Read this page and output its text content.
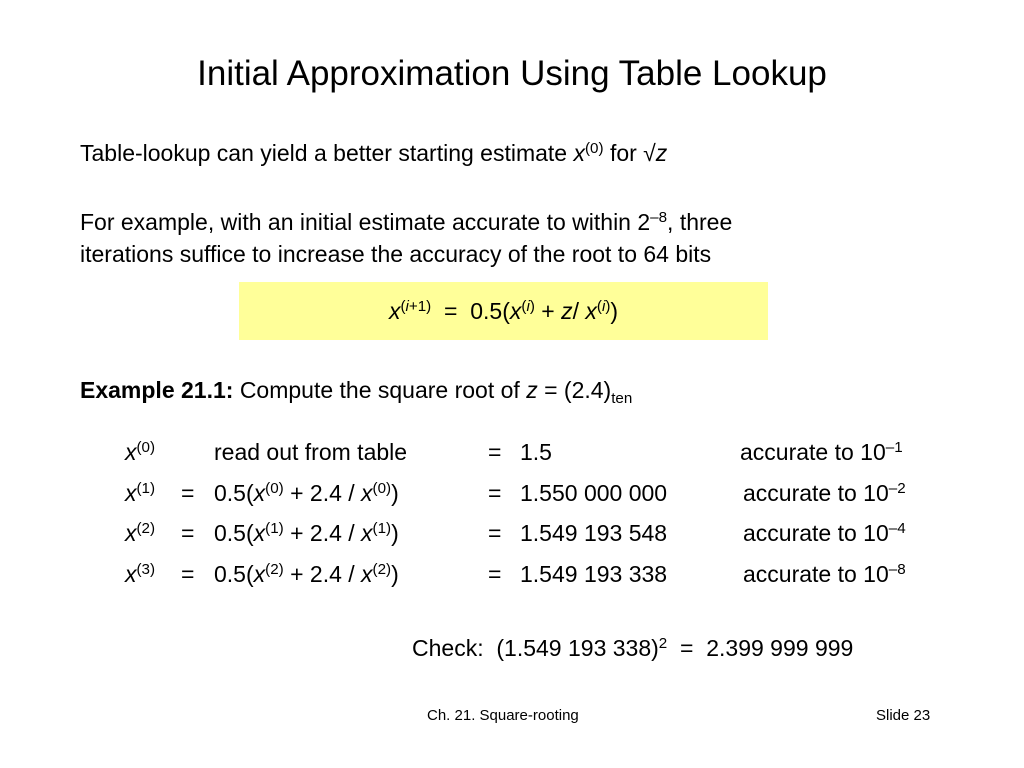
Initial Approximation Using Table Lookup
Table-lookup can yield a better starting estimate $x^{(0)}$ for √z
For example, with an initial estimate accurate to within $2^{-8}$, three
iterations suffice to increase the accuracy of the root to 64 bits
$x^{(i+1)} = 0.5(x^{(i)} + z/$ $x^{(i)}$)
Example 21.1: Compute the square root of $z = (2.4)_{ten}$
$x^{(0)}$	read out from table	= 1.5	accurate to $10^{-1}$
$x^{(1)} = 0.5(x^{(0)} + 2.4 / x^{(0)})$	= 1.550 000 000	accurate to $10^{-2}$
$x^{(2)} = 0.5(x^{(1)} + 2.4 / x^{(1)})$	= 1.549 193 548	accurate to $10^{-4}$
$x^{(3)} = 0.5(x^{(2)} + 2.4 / x^{(2)})$	= 1.549 193 338	accurate to $10^{-8}$
Check: (1.549 193 338)$^2$ = 2.399 999 999
Ch. 21. Square-rooting	Slide 23
